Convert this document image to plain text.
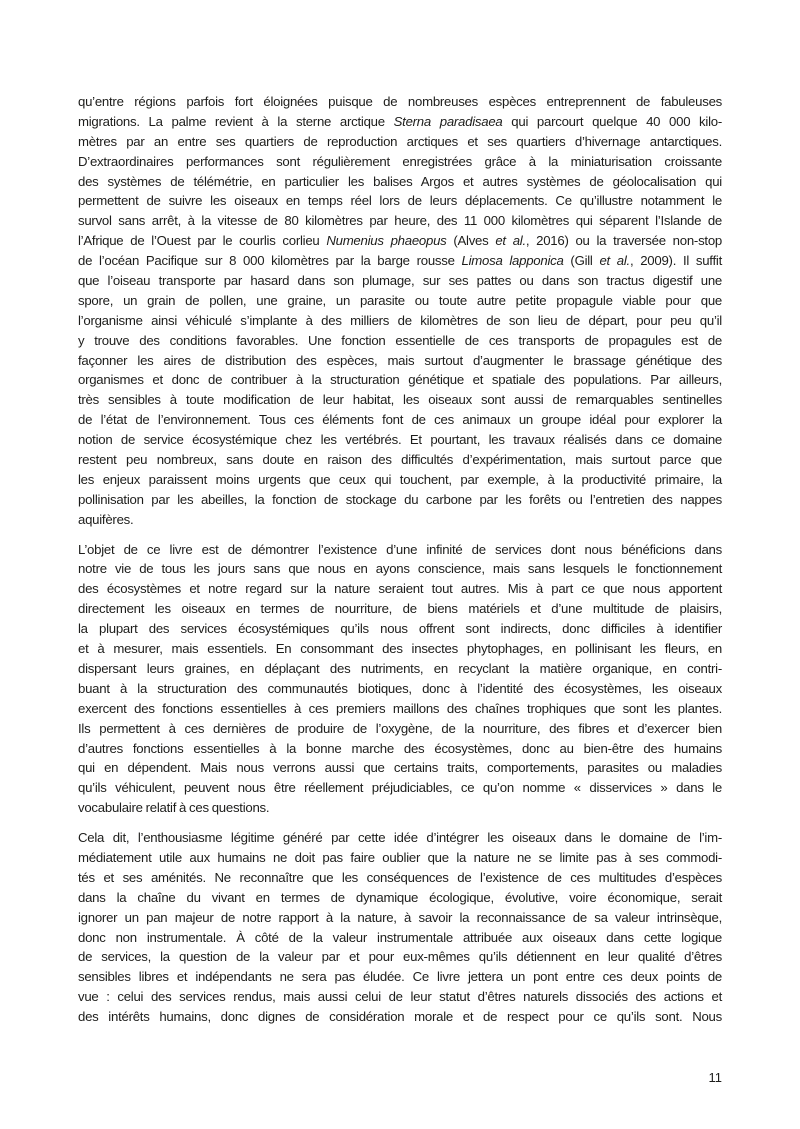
qu’entre régions parfois fort éloignées puisque de nombreuses espèces entreprennent de fabuleuses
migrations. La palme revient à la sterne arctique Sterna paradisaea qui parcourt quelque 40 000 kilo-
mètres par an entre ses quartiers de reproduction arctiques et ses quartiers d’hivernage antarctiques.
D’extraordinaires performances sont régulièrement enregistrées grâce à la miniaturisation croissante
des systèmes de télémétrie, en particulier les balises Argos et autres systèmes de géolocalisation qui
permettent de suivre les oiseaux en temps réel lors de leurs déplacements. Ce qu’illustre notamment le
survol sans arrêt, à la vitesse de 80 kilomètres par heure, des 11 000 kilomètres qui séparent l’Islande de
l’Afrique de l’Ouest par le courlis corlieu Numenius phaeopus (Alves et al., 2016) ou la traversée non-stop
de l’océan Pacifique sur 8 000 kilomètres par la barge rousse Limosa lapponica (Gill et al., 2009). Il suffit
que l’oiseau transporte par hasard dans son plumage, sur ses pattes ou dans son tractus digestif une
spore, un grain de pollen, une graine, un parasite ou toute autre petite propagule viable pour que
l’organisme ainsi véhiculé s’implante à des milliers de kilomètres de son lieu de départ, pour peu qu’il
y trouve des conditions favorables. Une fonction essentielle de ces transports de propagules est de
façonner les aires de distribution des espèces, mais surtout d’augmenter le brassage génétique des
organismes et donc de contribuer à la structuration génétique et spatiale des populations. Par ailleurs,
très sensibles à toute modification de leur habitat, les oiseaux sont aussi de remarquables sentinelles
de l’état de l’environnement. Tous ces éléments font de ces animaux un groupe idéal pour explorer la
notion de service écosystémique chez les vertébrés. Et pourtant, les travaux réalisés dans ce domaine
restent peu nombreux, sans doute en raison des difficultés d’expérimentation, mais surtout parce que
les enjeux paraissent moins urgents que ceux qui touchent, par exemple, à la productivité primaire, la
pollinisation par les abeilles, la fonction de stockage du carbone par les forêts ou l’entretien des nappes
aquifères.
L’objet de ce livre est de démontrer l’existence d’une infinité de services dont nous bénéficions dans
notre vie de tous les jours sans que nous en ayons conscience, mais sans lesquels le fonctionnement
des écosystèmes et notre regard sur la nature seraient tout autres. Mis à part ce que nous apportent
directement les oiseaux en termes de nourriture, de biens matériels et d’une multitude de plaisirs,
la plupart des services écosystémiques qu’ils nous offrent sont indirects, donc difficiles à identifier
et à mesurer, mais essentiels. En consommant des insectes phytophages, en pollinisant les fleurs, en
dispersant leurs graines, en déplaçant des nutriments, en recyclant la matière organique, en contri-
buant à la structuration des communautés biotiques, donc à l’identité des écosystèmes, les oiseaux
exercent des fonctions essentielles à ces premiers maillons des chaînes trophiques que sont les plantes.
Ils permettent à ces dernières de produire de l’oxygène, de la nourriture, des fibres et d’exercer bien
d’autres fonctions essentielles à la bonne marche des écosystèmes, donc au bien-être des humains
qui en dépendent. Mais nous verrons aussi que certains traits, comportements, parasites ou maladies
qu’ils véhiculent, peuvent nous être réellement préjudiciables, ce qu’on nomme « disservices » dans le
vocabulaire relatif à ces questions.
Cela dit, l’enthousiasme légitime généré par cette idée d’intégrer les oiseaux dans le domaine de l’im-
médiatement utile aux humains ne doit pas faire oublier que la nature ne se limite pas à ses commodi-
tés et ses aménités. Ne reconnaître que les conséquences de l’existence de ces multitudes d’espèces
dans la chaîne du vivant en termes de dynamique écologique, évolutive, voire économique, serait
ignorer un pan majeur de notre rapport à la nature, à savoir la reconnaissance de sa valeur intrinsèque,
donc non instrumentale. À côté de la valeur instrumentale attribuée aux oiseaux dans cette logique
de services, la question de la valeur par et pour eux-mêmes qu’ils détiennent en leur qualité d’êtres
sensibles libres et indépendants ne sera pas éludée. Ce livre jettera un pont entre ces deux points de
vue : celui des services rendus, mais aussi celui de leur statut d’êtres naturels dissociés des actions et
des intérêts humains, donc dignes de considération morale et de respect pour ce qu’ils sont. Nous
11
